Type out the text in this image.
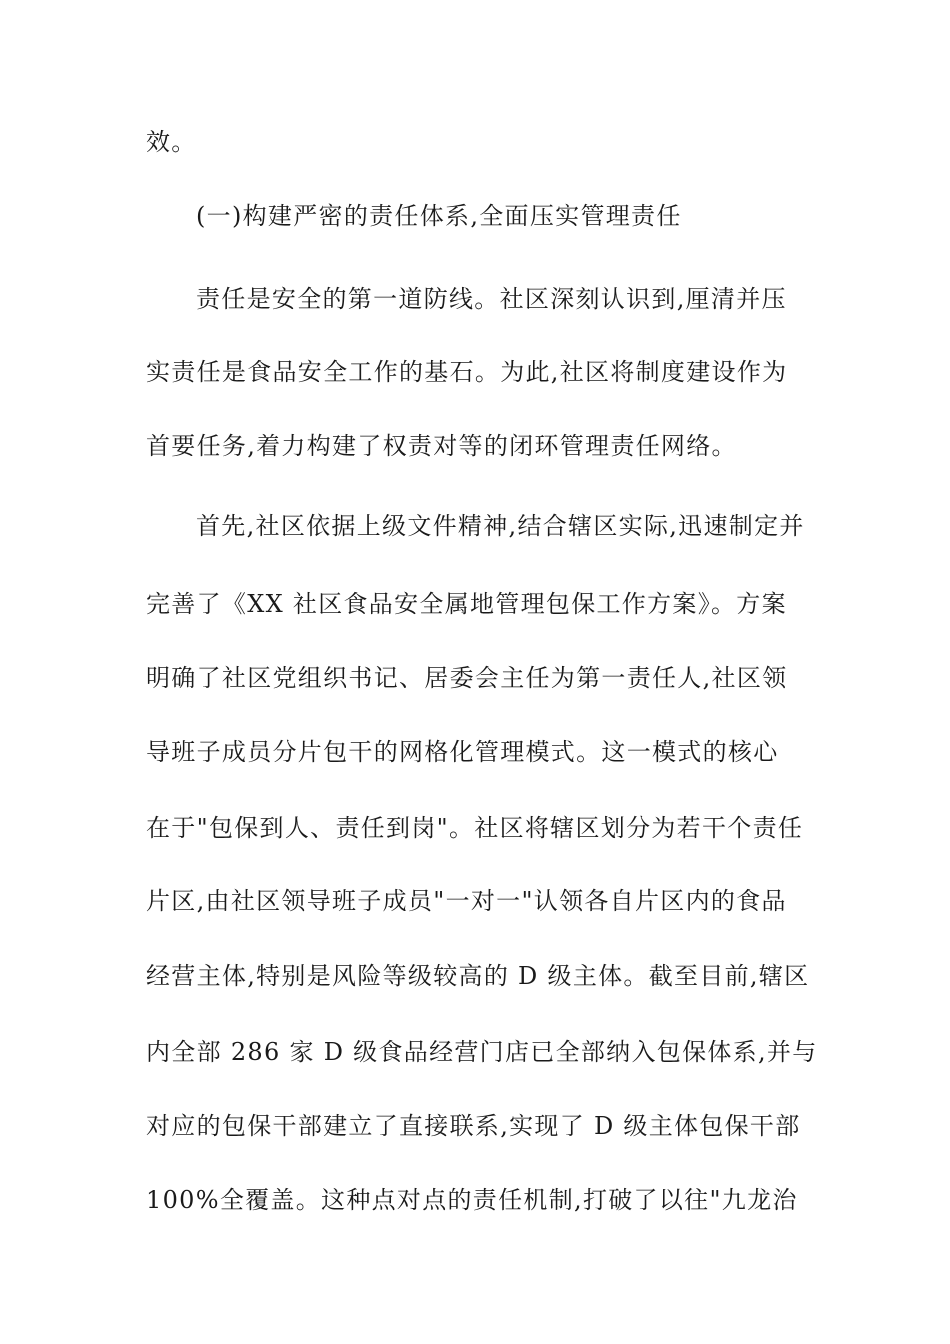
效。
(一)构建严密的责任体系,全面压实管理责任
责任是安全的第一道防线。社区深刻认识到,厘清并压
实责任是食品安全工作的基石。为此,社区将制度建设作为
首要任务,着力构建了权责对等的闭环管理责任网络。
首先,社区依据上级文件精神,结合辖区实际,迅速制定并
完善了《XX 社区食品安全属地管理包保工作方案》。方案
明确了社区党组织书记、居委会主任为第一责任人,社区领
导班子成员分片包干的网格化管理模式。这一模式的核心
在于"包保到人、责任到岗"。社区将辖区划分为若干个责任
片区,由社区领导班子成员"一对一"认领各自片区内的食品
经营主体,特别是风险等级较高的 D 级主体。截至目前,辖区
内全部 286 家 D 级食品经营门店已全部纳入包保体系,并与
对应的包保干部建立了直接联系,实现了 D 级主体包保干部
100%全覆盖。这种点对点的责任机制,打破了以往"九龙治
